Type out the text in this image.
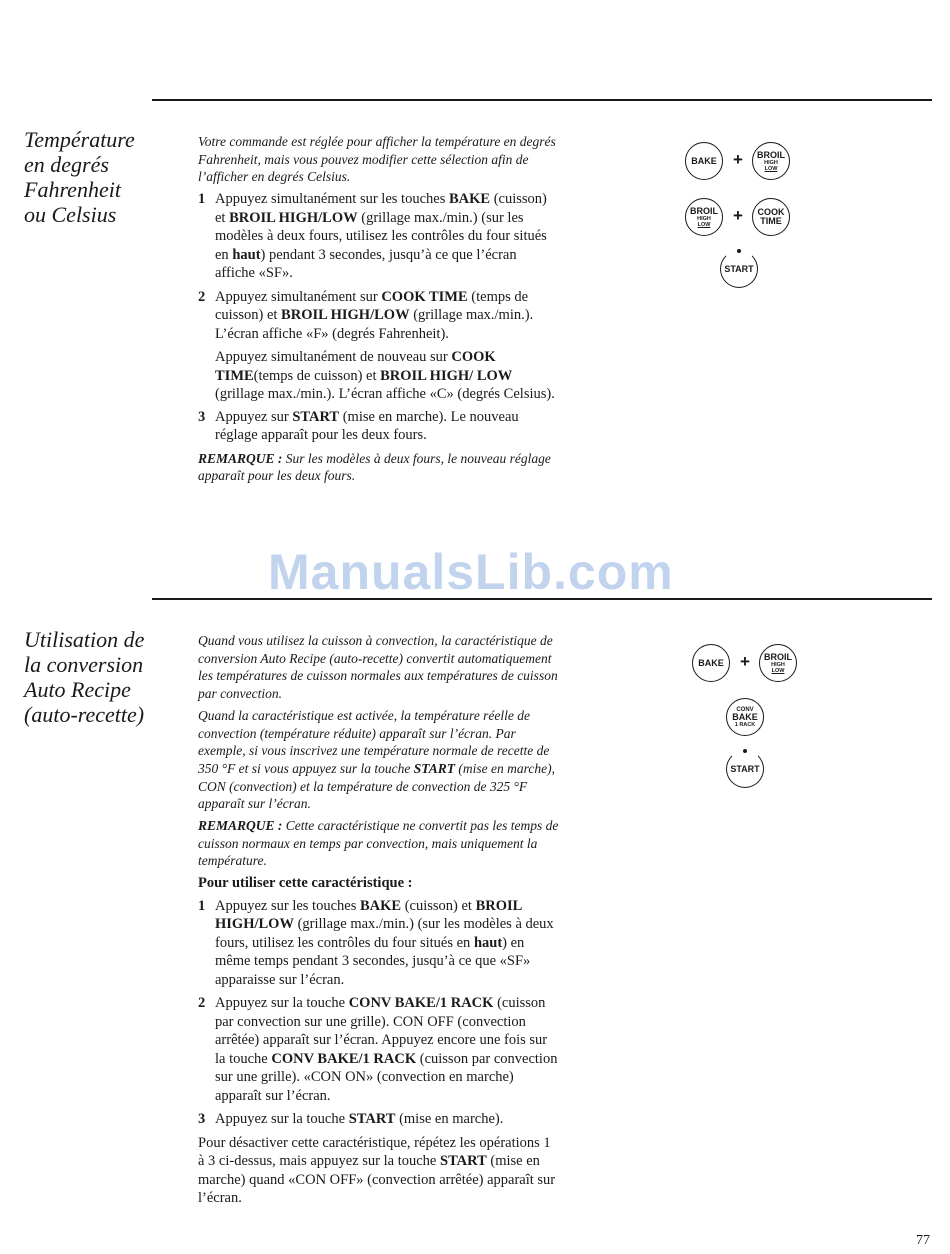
Température
en degrés
Fahrenheit
ou Celsius

Votre commande est réglée pour afficher la température en degrés Fahrenheit, mais vous pouvez modifier cette sélection afin de l’afficher en degrés Celsius.

1 Appuyez simultanément sur les touches BAKE (cuisson) et BROIL HIGH/LOW (grillage max./min.) (sur les modèles à deux fours, utilisez les contrôles du four situés en haut) pendant 3 secondes, jusqu’à ce que l’écran affiche «SF».
2 Appuyez simultanément sur COOK TIME (temps de cuisson) et BROIL HIGH/LOW (grillage max./min.). L’écran affiche «F» (degrés Fahrenheit).

Appuyez simultanément de nouveau sur COOK TIME(temps de cuisson) et BROIL HIGH/ LOW (grillage max./min.). L’écran affiche «C» (degrés Celsius).

3 Appuyez sur START (mise en marche). Le nouveau réglage apparaît pour les deux fours.

REMARQUE : Sur les modèles à deux fours, le nouveau réglage apparaît pour les deux fours.

BAKE + BROIL
HIGH
LOW
BROIL
HIGH
LOW + COOK
TIME
START
ManualsLib.com
Utilisation de
la conversion
Auto Recipe
(auto-recette)

Quand vous utilisez la cuisson à convection, la caractéristique de conversion Auto Recipe (auto-recette) convertit automatiquement les températures de cuisson normales aux températures de cuisson par convection.

Quand la caractéristique est activée, la température réelle de convection (température réduite) apparaît sur l’écran. Par exemple, si vous inscrivez une température normale de recette de 350 °F et si vous appuyez sur la touche START (mise en marche), CON (convection) et la température de convection de 325 °F apparaît sur l’écran.

REMARQUE : Cette caractéristique ne convertit pas les temps de cuisson normaux en temps par convection, mais uniquement la température.

Pour utiliser cette caractéristique :

1 Appuyez sur les touches BAKE (cuisson) et BROIL HIGH/LOW (grillage max./min.) (sur les modèles à deux fours, utilisez les contrôles du four situés en haut) en même temps pendant 3 secondes, jusqu’à ce que «SF» apparaisse sur l’écran.
2 Appuyez sur la touche CONV BAKE/1 RACK (cuisson par convection sur une grille). CON OFF (convection arrêtée) apparaît sur l’écran. Appuyez encore une fois sur la touche CONV BAKE/1 RACK (cuisson par convection sur une grille). «CON ON» (convection en marche) apparaît sur l’écran.
3 Appuyez sur la touche START (mise en marche).

Pour désactiver cette caractéristique, répétez les opérations 1 à 3 ci-dessus, mais appuyez sur la touche START (mise en marche) quand «CON OFF» (convection arrêtée) apparaît sur l’écran.

BAKE + BROIL
HIGH
LOW
CONV
BAKE
1 RACK
START
77
